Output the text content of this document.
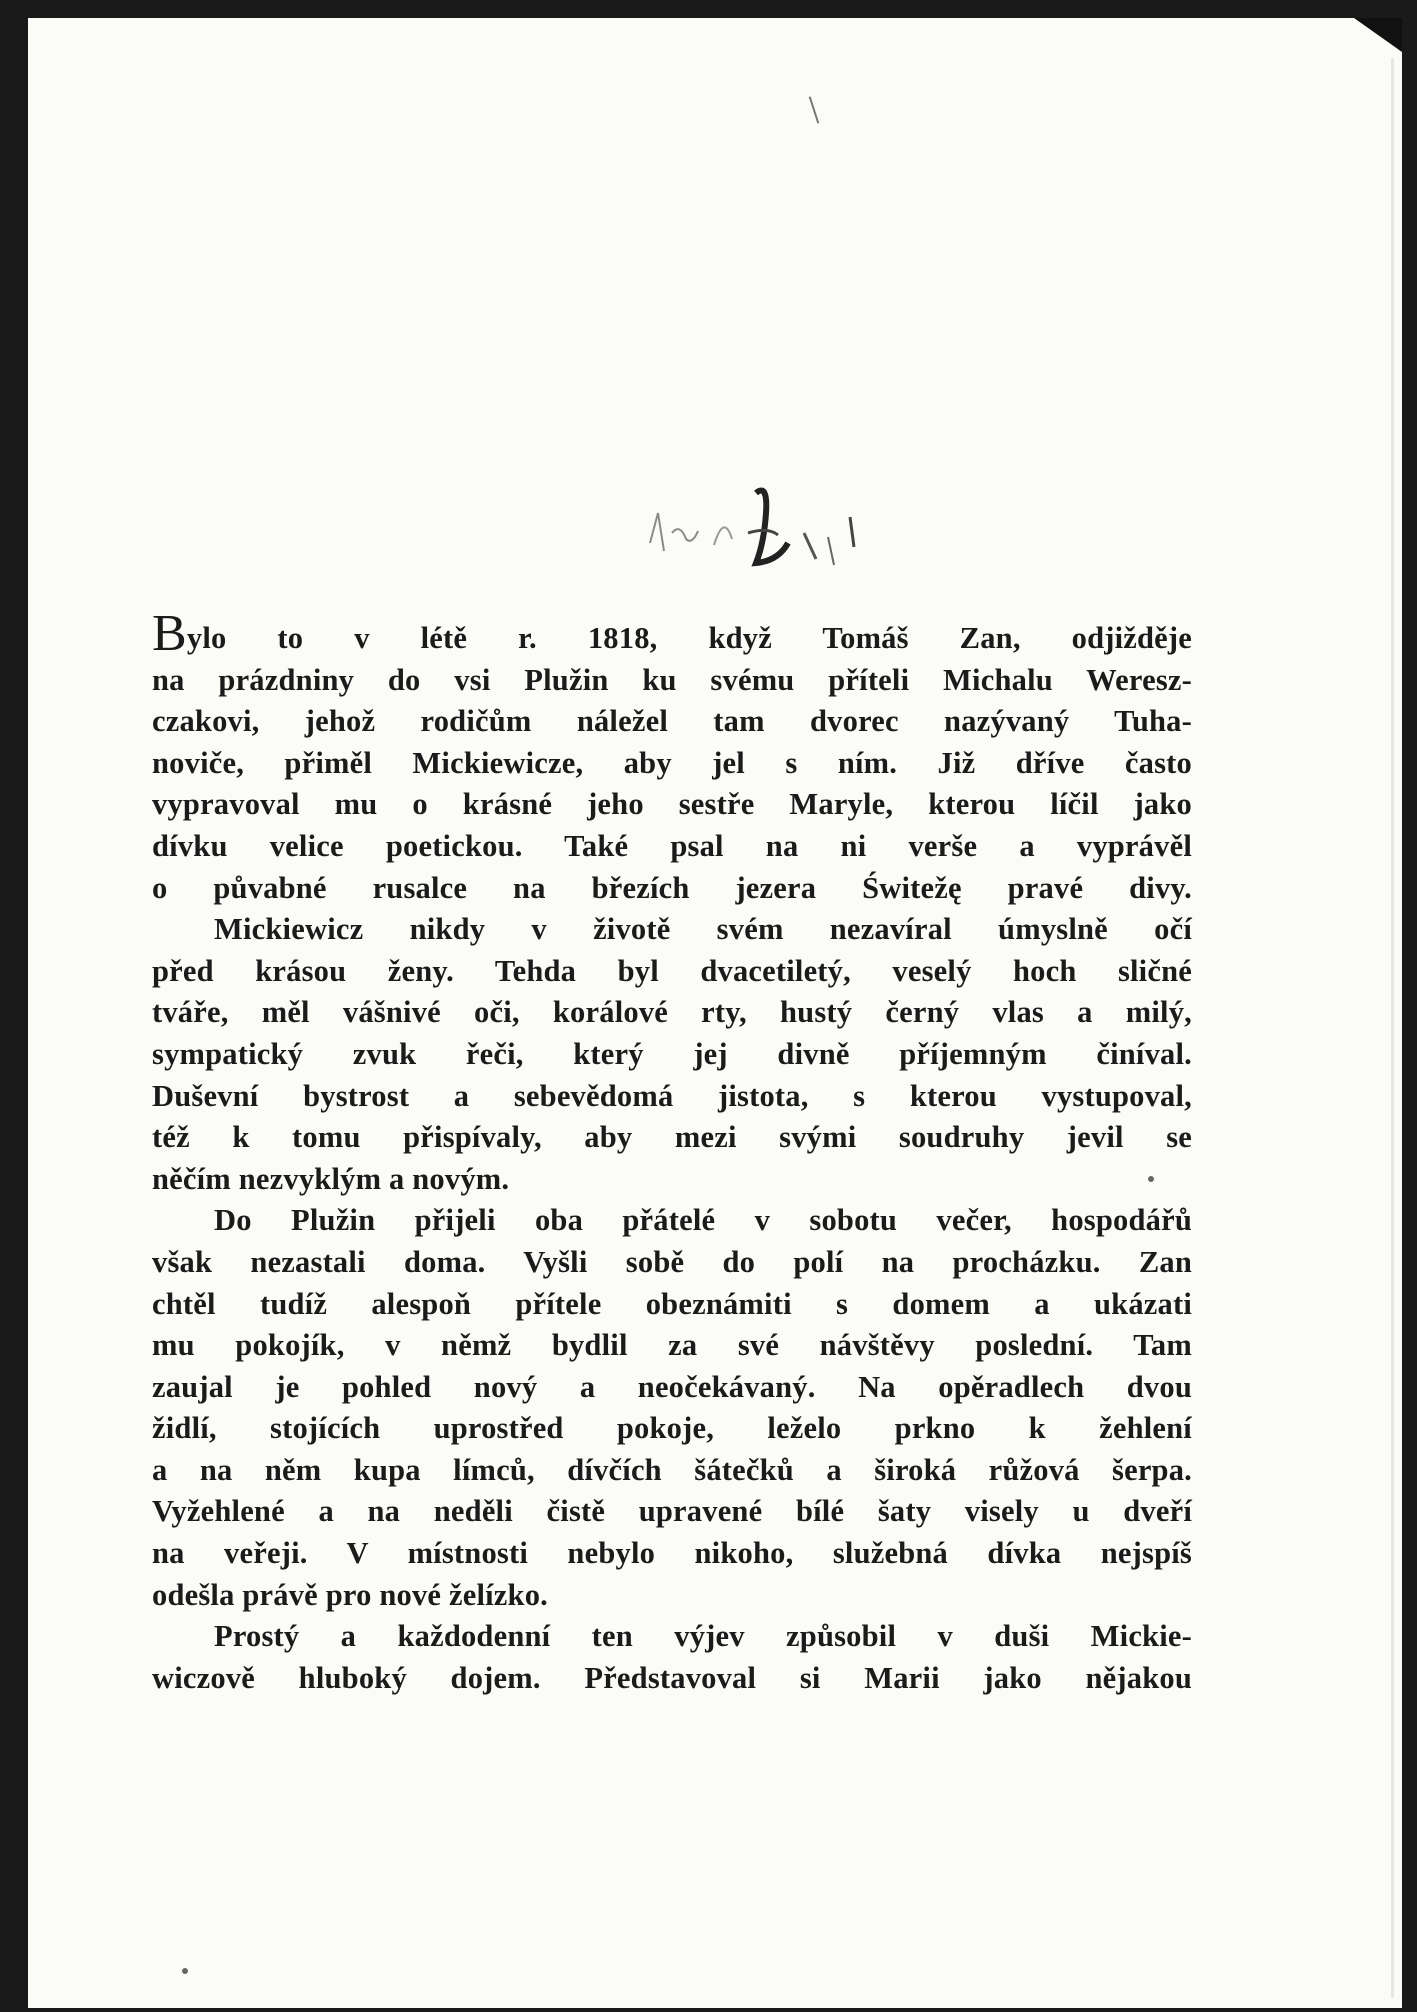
Bylo to v létě r. 1818, když Tomáš Zan, odjižděje
na prázdniny do vsi Plužin ku svému příteli Michalu Weresz-
czakovi, jehož rodičům náležel tam dvorec nazývaný Tuha-
noviče, přiměl Mickiewicze, aby jel s ním. Již dříve často
vypravoval mu o krásné jeho sestře Maryle, kterou líčil jako
dívku velice poetickou. Také psal na ni verše a vyprávěl
o půvabné rusalce na březích jezera Świtežę pravé divy.

Mickiewicz nikdy v životě svém nezavíral úmyslně očí
před krásou ženy. Tehda byl dvacetiletý, veselý hoch sličné
tváře, měl vášnivé oči, korálové rty, hustý černý vlas a milý,
sympatický zvuk řeči, který jej divně příjemným činíval.
Duševní bystrost a sebevědomá jistota, s kterou vystupoval,
též k tomu přispívaly, aby mezi svými soudruhy jevil se
něčím nezvyklým a novým.

Do Plužin přijeli oba přátelé v sobotu večer, hospodářů
však nezastali doma. Vyšli sobě do polí na procházku. Zan
chtěl tudíž alespoň přítele obeznámiti s domem a ukázati
mu pokojík, v němž bydlil za své návštěvy poslední. Tam
zaujal je pohled nový a neočekávaný. Na opěradlech dvou
židlí, stojících uprostřed pokoje, leželo prkno k žehlení
a na něm kupa límců, dívčích šátečků a široká růžová šerpa.
Vyžehlené a na neděli čistě upravené bílé šaty visely u dveří
na veřeji. V místnosti nebylo nikoho, služebná dívka nejspíš
odešla právě pro nové želízko.

Prostý a každodenní ten výjev způsobil v duši Mickie-
wiczově hluboký dojem. Představoval si Marii jako nějakou
